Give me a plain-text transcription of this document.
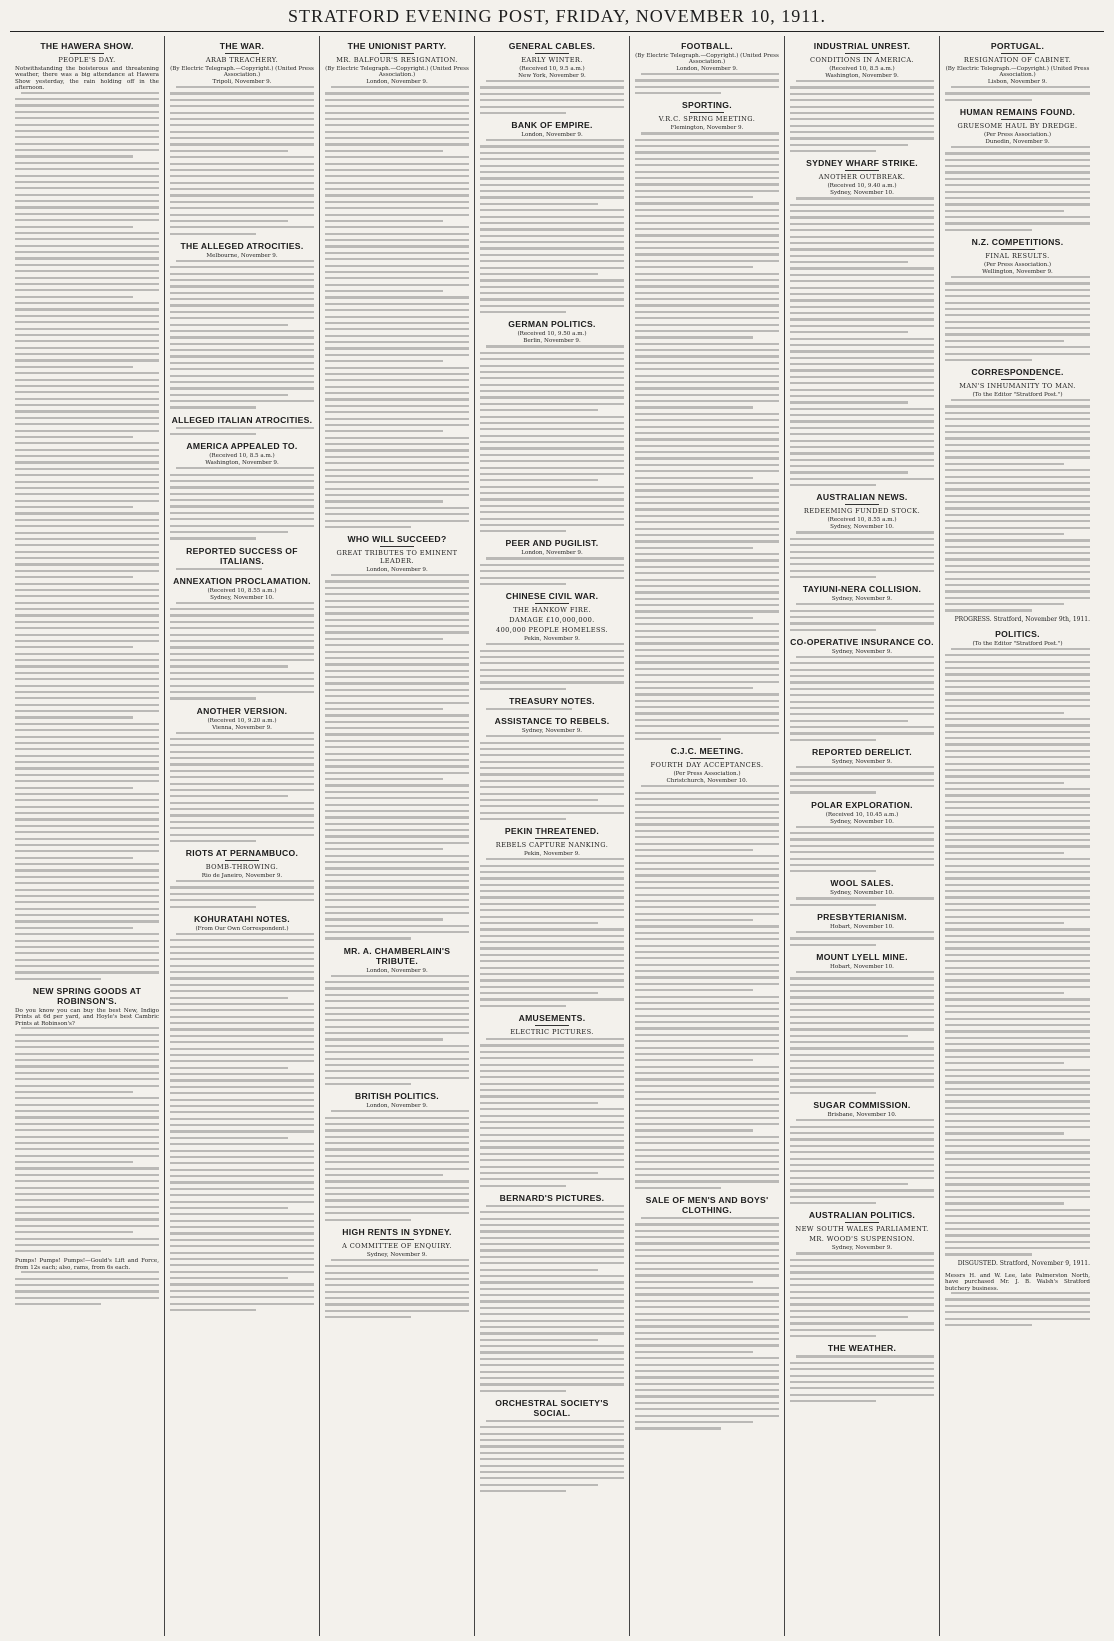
STRATFORD EVENING POST, FRIDAY, NOVEMBER 10, 1911.
THE HAWERA SHOW.
PEOPLE'S DAY.

Notwithstanding the boisterous and threatening weather, there was a big attendance at Hawera Show yesterday, the rain holding off in the afternoon.

NEW SPRING GOODS AT ROBINSON'S.

Do you know you can buy the best New, Indigo Prints at 6d per yard, and Hoyle's best Cambric Prints at Robinson's?

Pumps! Pumps! Pumps!—Gould's Lift and Force, from 12s each; also, rams, from 6s each.

THE WAR.
ARAB TREACHERY.
(By Electric Telegraph.—Copyright.) (United Press Association.)
Tripoli, November 9.
THE ALLEGED ATROCITIES.
Melbourne, November 9.
ALLEGED ITALIAN ATROCITIES.
AMERICA APPEALED TO.
(Received 10, 8.5 a.m.)
Washington, November 9.
REPORTED SUCCESS OF ITALIANS.
ANNEXATION PROCLAMATION.
(Received 10, 8.55 a.m.)
Sydney, November 10.
ANOTHER VERSION.
(Received 10, 9.20 a.m.)
Vienna, November 9.
RIOTS AT PERNAMBUCO.
BOMB-THROWING.
Rio de Janeiro, November 9.
KOHURATAHI NOTES.
(From Our Own Correspondent.)
THE UNIONIST PARTY.
MR. BALFOUR'S RESIGNATION.
(By Electric Telegraph.—Copyright.) (United Press Association.)
London, November 9.
WHO WILL SUCCEED?
GREAT TRIBUTES TO EMINENT LEADER.
London, November 9.
MR. A. CHAMBERLAIN'S TRIBUTE.
London, November 9.
BRITISH POLITICS.
London, November 9.
HIGH RENTS IN SYDNEY.
A COMMITTEE OF ENQUIRY.
Sydney, November 9.
GENERAL CABLES.
EARLY WINTER.
(Received 10, 9.5 a.m.)
New York, November 9.
BANK OF EMPIRE.
London, November 9.
GERMAN POLITICS.
(Received 10, 9.50 a.m.)
Berlin, November 9.
PEER AND PUGILIST.
London, November 9.
CHINESE CIVIL WAR.
THE HANKOW FIRE.
DAMAGE £10,000,000.
400,000 PEOPLE HOMELESS.
Pekin, November 9.
TREASURY NOTES.
ASSISTANCE TO REBELS.
Sydney, November 9.
PEKIN THREATENED.
REBELS CAPTURE NANKING.
Pekin, November 9.
AMUSEMENTS.
ELECTRIC PICTURES.
BERNARD'S PICTURES.
ORCHESTRAL SOCIETY'S SOCIAL.
FOOTBALL.
(By Electric Telegraph.—Copyright.) (United Press Association.)
London, November 9.
SPORTING.
V.R.C. SPRING MEETING.
Flemington, November 9.
C.J.C. MEETING.
FOURTH DAY ACCEPTANCES.
(Per Press Association.)
Christchurch, November 10.
SALE OF MEN'S AND BOYS' CLOTHING.
INDUSTRIAL UNREST.
CONDITIONS IN AMERICA.
(Received 10, 8.5 a.m.)
Washington, November 9.
SYDNEY WHARF STRIKE.
ANOTHER OUTBREAK.
(Received 10, 9.40 a.m.)
Sydney, November 10.
AUSTRALIAN NEWS.
REDEEMING FUNDED STOCK.
(Received 10, 8.55 a.m.)
Sydney, November 10.
TAYIUNI-NERA COLLISION.
Sydney, November 9.
CO-OPERATIVE INSURANCE CO.
Sydney, November 9.
REPORTED DERELICT.
Sydney, November 9.
POLAR EXPLORATION.
(Received 10, 10.45 a.m.)
Sydney, November 10.
WOOL SALES.
Sydney, November 10.
PRESBYTERIANISM.
Hobart, November 10.
MOUNT LYELL MINE.
Hobart, November 10.
SUGAR COMMISSION.
Brisbane, November 10.
AUSTRALIAN POLITICS.
NEW SOUTH WALES PARLIAMENT.
MR. WOOD'S SUSPENSION.
Sydney, November 9.
THE WEATHER.
PORTUGAL.
RESIGNATION OF CABINET.
(By Electric Telegraph.—Copyright.) (United Press Association.)
Lisbon, November 9.
HUMAN REMAINS FOUND.
GRUESOME HAUL BY DREDGE.
(Per Press Association.)
Dunedin, November 9.
N.Z. COMPETITIONS.
FINAL RESULTS.
(Per Press Association.)
Wellington, November 9.
CORRESPONDENCE.
MAN'S INHUMANITY TO MAN.
(To the Editor "Stratford Post.")
PROGRESS. Stratford, November 9th, 1911.
POLITICS.
(To the Editor "Stratford Post.")
DISGUSTED. Stratford, November 9, 1911.

Messrs H. and W. Lee, late Palmerston North, have purchased Mr. J. B. Walsh's Stratford butchery business.
